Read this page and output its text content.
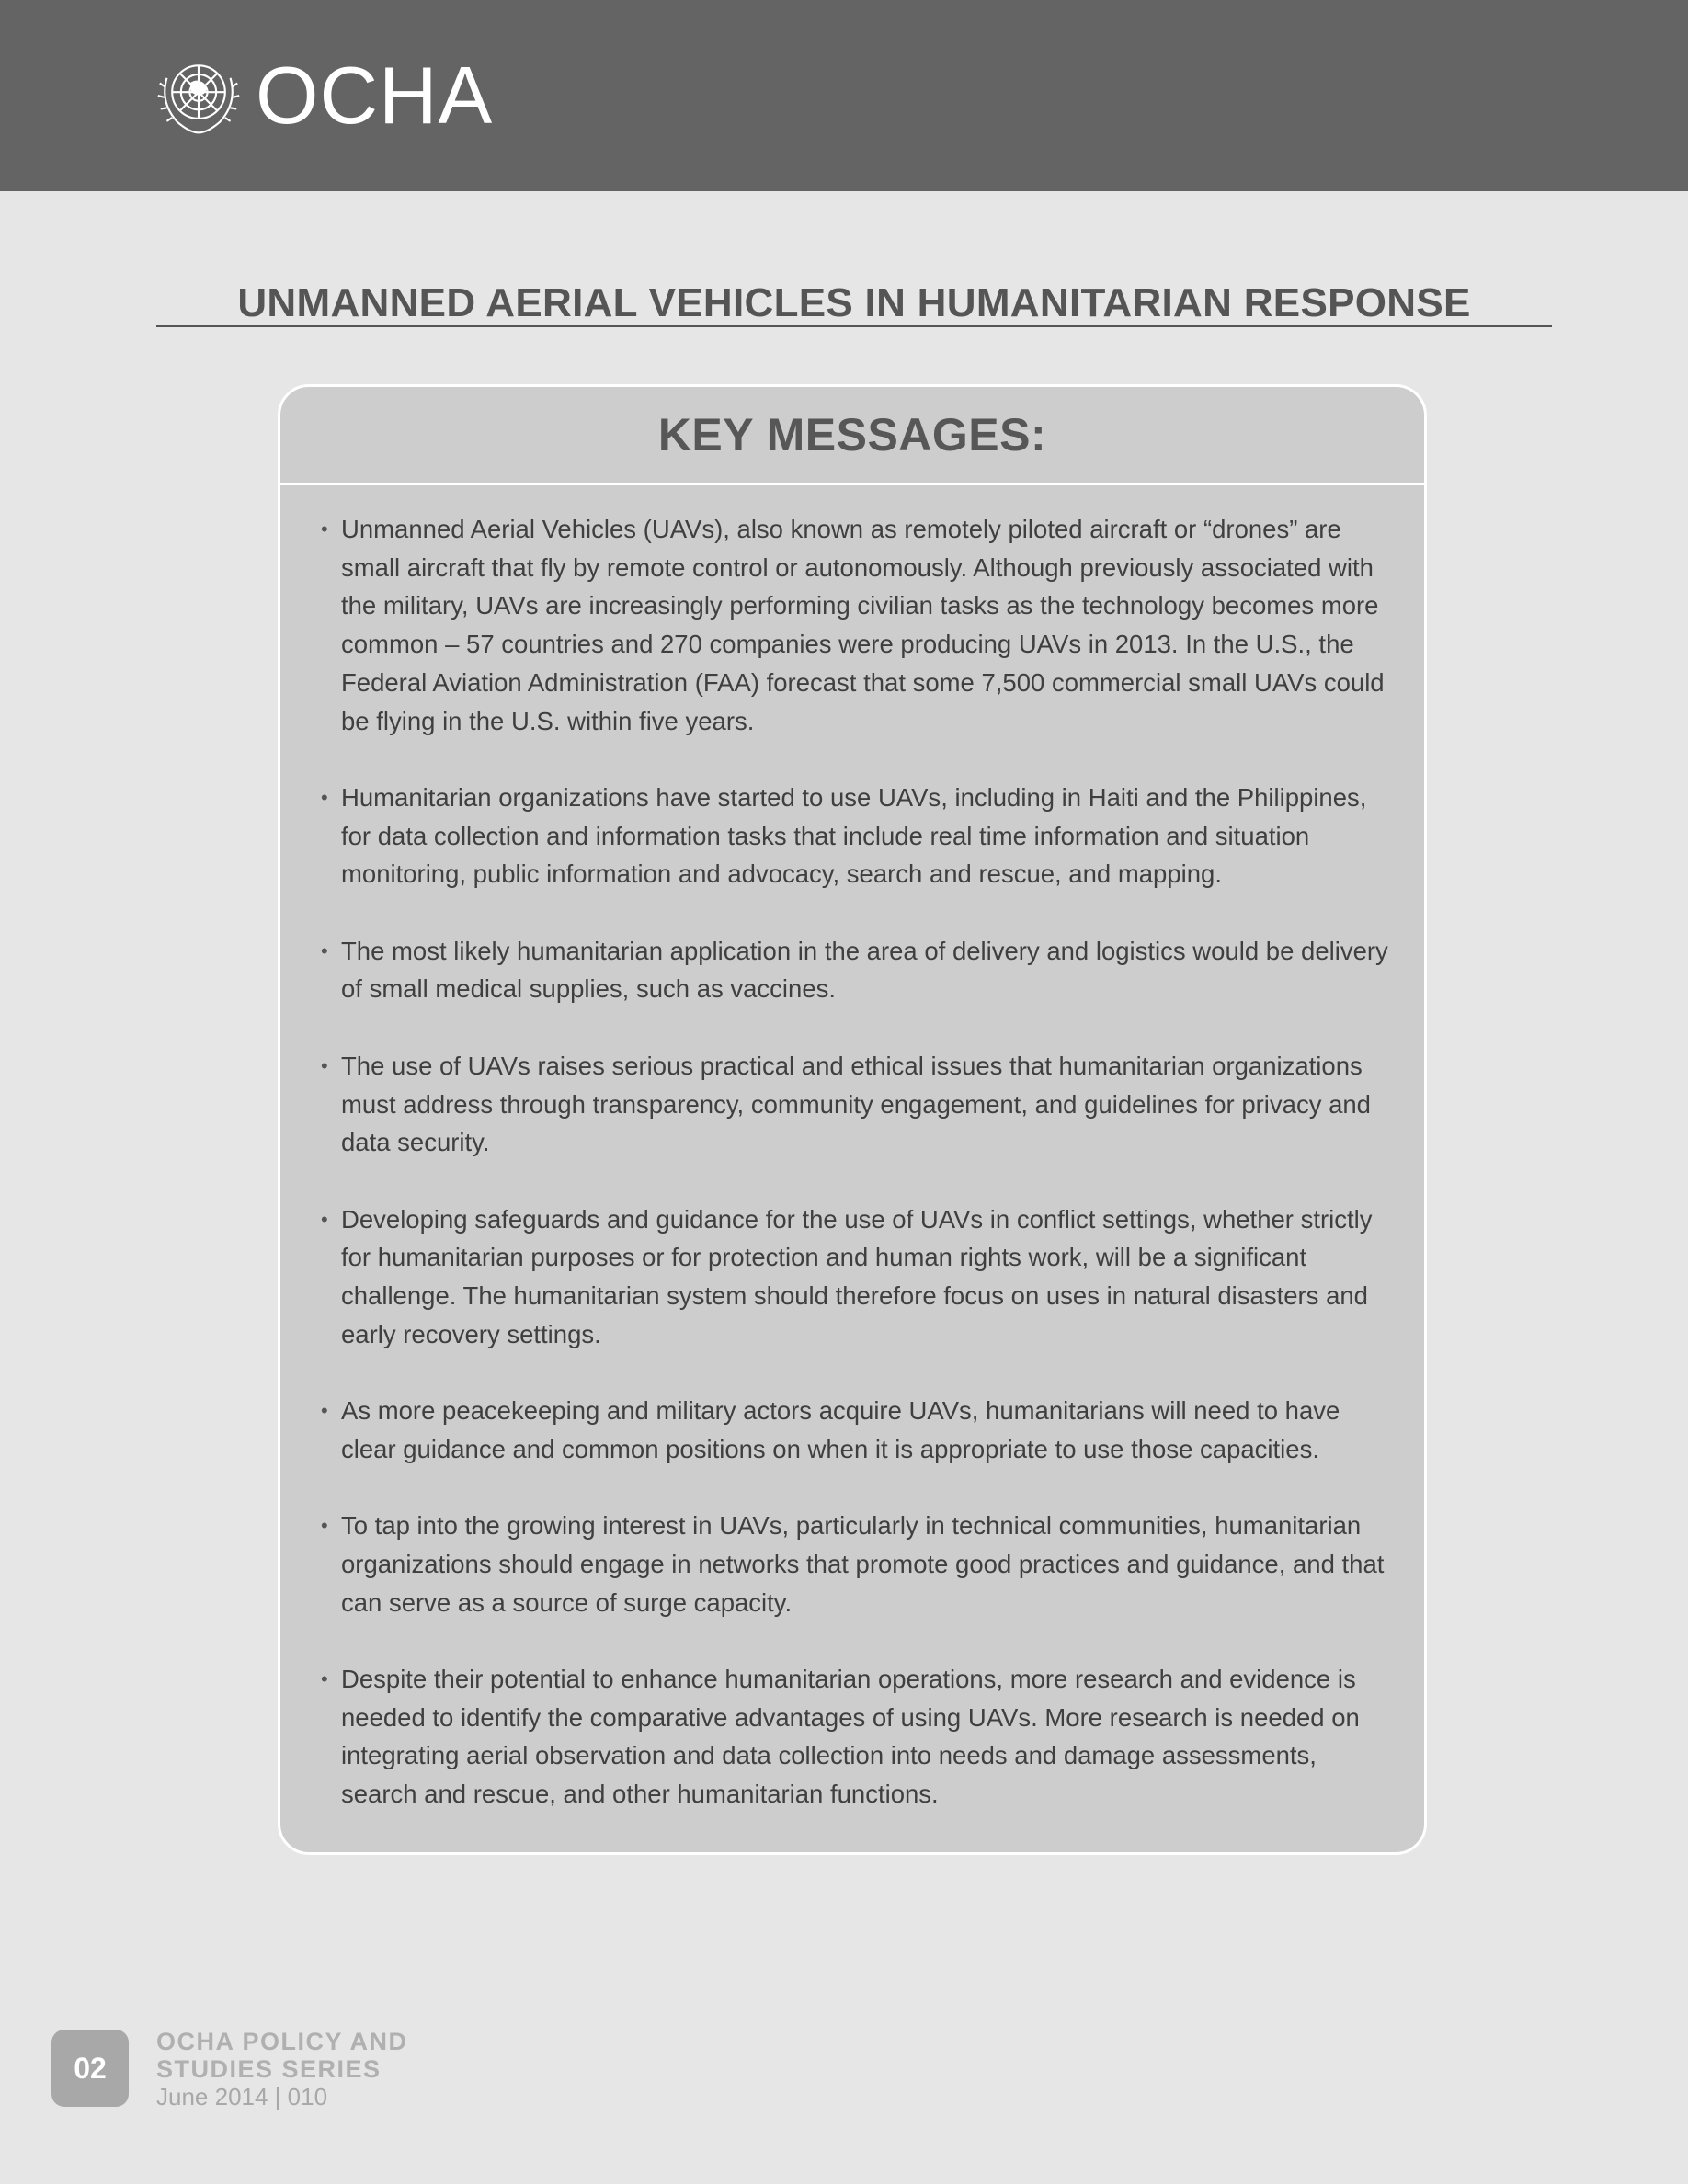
OCHA
UNMANNED AERIAL VEHICLES IN HUMANITARIAN RESPONSE
KEY MESSAGES:
• Unmanned Aerial Vehicles (UAVs), also known as remotely piloted aircraft or “drones” are small aircraft that fly by remote control or autonomously. Although previously associated with the military, UAVs are increasingly performing civilian tasks as the technology becomes more common – 57 countries and 270 companies were producing UAVs in 2013. In the U.S., the Federal Aviation Administration (FAA) forecast that some 7,500 commercial small UAVs could be flying in the U.S. within five years.
• Humanitarian organizations have started to use UAVs, including in Haiti and the Philippines, for data collection and information tasks that include real time information and situation monitoring, public information and advocacy, search and rescue, and mapping.
• The most likely humanitarian application in the area of delivery and logistics would be delivery of small medical supplies, such as vaccines.
• The use of UAVs raises serious practical and ethical issues that humanitarian organizations must address through transparency, community engagement, and guidelines for privacy and data security.
• Developing safeguards and guidance for the use of UAVs in conflict settings, whether strictly for humanitarian purposes or for protection and human rights work, will be a significant challenge. The humanitarian system should therefore focus on uses in natural disasters and early recovery settings.
• As more peacekeeping and military actors acquire UAVs, humanitarians will need to have clear guidance and common positions on when it is appropriate to use those capacities.
• To tap into the growing interest in UAVs, particularly in technical communities, humanitarian organizations should engage in networks that promote good practices and guidance, and that can serve as a source of surge capacity.
• Despite their potential to enhance humanitarian operations, more research and evidence is needed to identify the comparative advantages of using UAVs. More research is needed on integrating aerial observation and data collection into needs and damage assessments, search and rescue, and other humanitarian functions.
02
OCHA POLICY AND
STUDIES SERIES
June 2014 | 010
